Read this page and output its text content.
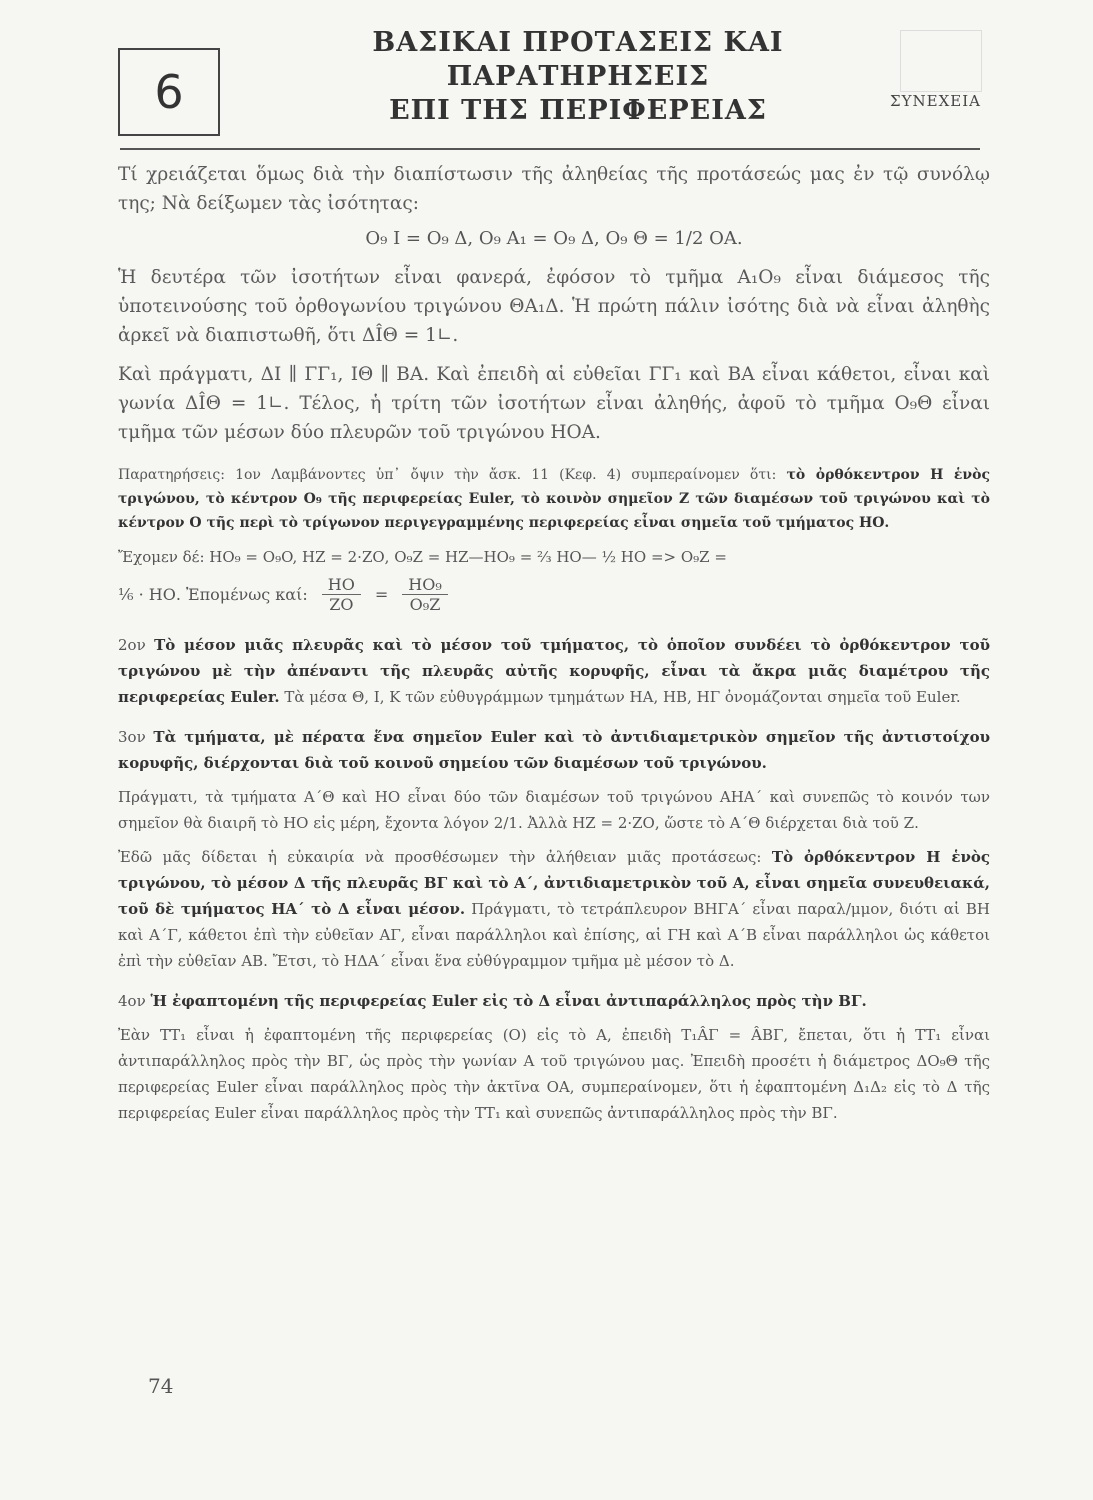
6
ΒΑΣΙΚΑΙ ΠΡΟΤΑΣΕΙΣ ΚΑΙ ΠΑΡΑΤΗΡΗΣΕΙΣ
ΕΠΙ ΤΗΣ ΠΕΡΙΦΕΡΕΙΑΣ	ΣΥΝΕΧΕΙΑ

Τί χρειάζεται ὅμως διὰ τὴν διαπίστωσιν τῆς ἀληθείας τῆς προτάσεώς μας ἐν τῷ συνόλῳ της; Νὰ δείξωμεν τὰς ἰσότητας:

O₉ I = O₉ Δ, O₉ A₁ = O₉ Δ, O₉ Θ = 1/2 OA.

Ἡ δευτέρα τῶν ἰσοτήτων εἶναι φανερά, ἐφόσον τὸ τμῆμα A₁O₉ εἶναι διάμεσος τῆς ὑποτεινούσης τοῦ ὀρθογωνίου τριγώνου ΘA₁Δ. Ἡ πρώτη πάλιν ἰσότης διὰ νὰ εἶναι ἀληθὴς ἀρκεῖ νὰ διαπιστωθῆ, ὅτι ΔÎΘ = 1∟.

Καὶ πράγματι, ΔΙ ∥ ΓΓ₁, ΙΘ ∥ ΒΑ. Καὶ ἐπειδὴ αἱ εὐθεῖαι ΓΓ₁ καὶ ΒΑ εἶναι κάθετοι, εἶναι καὶ γωνία ΔÎΘ = 1∟. Τέλος, ἡ τρίτη τῶν ἰσοτήτων εἶναι ἀληθής, ἀφοῦ τὸ τμῆμα O₉Θ εἶναι τμῆμα τῶν μέσων δύο πλευρῶν τοῦ τριγώνου ΗΟΑ.

Παρατηρήσεις: 1ον Λαμβάνοντες ὑπ᾿ ὄψιν τὴν ἄσκ. 11 (Κεφ. 4) συμπεραίνομεν ὅτι: τὸ ὀρθόκεντρον Η ἑνὸς τριγώνου, τὸ κέντρον O₉ τῆς περιφερείας Euler, τὸ κοινὸν σημεῖον Ζ τῶν διαμέσων τοῦ τριγώνου καὶ τὸ κέντρον Ο τῆς περὶ τὸ τρίγωνον περιγεγραμμένης περιφερείας εἶναι σημεῖα τοῦ τμήματος ΗΟ.

Ἔχομεν δέ: ΗO₉ = O₉O, ΗΖ = 2·ΖΟ, O₉Ζ = ΗΖ—ΗO₉ = ²⁄₃ ΗΟ— ½ ΗΟ => O₉Ζ =
¹⁄₆ · ΗΟ. Ἐπομένως καί: $\frac{HO}{ZO} = \frac{\text{ΗO₉}}{\text{O₉Ζ}}$

2ον Τὸ μέσον μιᾶς πλευρᾶς καὶ τὸ μέσον τοῦ τμήματος, τὸ ὁποῖον συνδέει τὸ ὀρθόκεντρον τοῦ τριγώνου μὲ τὴν ἀπέναντι τῆς πλευρᾶς αὐτῆς κορυφῆς, εἶναι τὰ ἄκρα μιᾶς διαμέτρου τῆς περιφερείας Euler. Τὰ μέσα Θ, Ι, Κ τῶν εὐθυγράμμων τμημάτων ΗΑ, ΗΒ, ΗΓ ὀνομάζονται σημεῖα τοῦ Euler.

3ον Τὰ τμήματα, μὲ πέρατα ἕνα σημεῖον Euler καὶ τὸ ἀντιδιαμετρικὸν σημεῖον τῆς ἀντιστοίχου κορυφῆς, διέρχονται διὰ τοῦ κοινοῦ σημείου τῶν διαμέσων τοῦ τριγώνου.

Πράγματι, τὰ τμήματα Α΄Θ καὶ ΗΟ εἶναι δύο τῶν διαμέσων τοῦ τριγώνου ΑΗΑ΄ καὶ συνεπῶς τὸ κοινόν των σημεῖον θὰ διαιρῆ τὸ ΗΟ εἰς μέρη, ἔχοντα λόγον 2/1. Ἀλλὰ ΗΖ = 2·ΖΟ, ὥστε τὸ Α΄Θ διέρχεται διὰ τοῦ Ζ.

Ἐδῶ μᾶς δίδεται ἡ εὐκαιρία νὰ προσθέσωμεν τὴν ἀλήθειαν μιᾶς προτάσεως: Τὸ ὀρθόκεντρον Η ἑνὸς τριγώνου, τὸ μέσον Δ τῆς πλευρᾶς ΒΓ καὶ τὸ Α΄, ἀντιδιαμετρικὸν τοῦ Α, εἶναι σημεῖα συνευθειακά, τοῦ δὲ τμήματος ΗΑ΄ τὸ Δ εἶναι μέσον. Πράγματι, τὸ τετράπλευρον ΒΗΓΑ΄ εἶναι παραλ/μμον, διότι αἱ ΒΗ καὶ Α΄Γ, κάθετοι ἐπὶ τὴν εὐθεῖαν ΑΓ, εἶναι παράλληλοι καὶ ἐπίσης, αἱ ΓΗ καὶ Α΄Β εἶναι παράλληλοι ὡς κάθετοι ἐπὶ τὴν εὐθεῖαν ΑΒ. Ἔτσι, τὸ ΗΔΑ΄ εἶναι ἕνα εὐθύγραμμον τμῆμα μὲ μέσον τὸ Δ.

4ον Ἡ ἐφαπτομένη τῆς περιφερείας Euler εἰς τὸ Δ εἶναι ἀντιπαράλληλος πρὸς τὴν ΒΓ.

Ἐὰν ΤΤ₁ εἶναι ἡ ἐφαπτομένη τῆς περιφερείας (Ο) εἰς τὸ Α, ἐπειδὴ Τ₁ÂΓ = ÂΒΓ, ἔπεται, ὅτι ἡ ΤΤ₁ εἶναι ἀντιπαράλληλος πρὸς τὴν ΒΓ, ὡς πρὸς τὴν γωνίαν Α τοῦ τριγώνου μας. Ἐπειδὴ προσέτι ἡ διάμετρος ΔO₉Θ τῆς περιφερείας Euler εἶναι παράλληλος πρὸς τὴν ἀκτῖνα ΟΑ, συμπεραίνομεν, ὅτι ἡ ἐφαπτομένη Δ₁Δ₂ εἰς τὸ Δ τῆς περιφερείας Euler εἶναι παράλληλος πρὸς τὴν ΤΤ₁ καὶ συνεπῶς ἀντιπαράλληλος πρὸς τὴν ΒΓ.

74
